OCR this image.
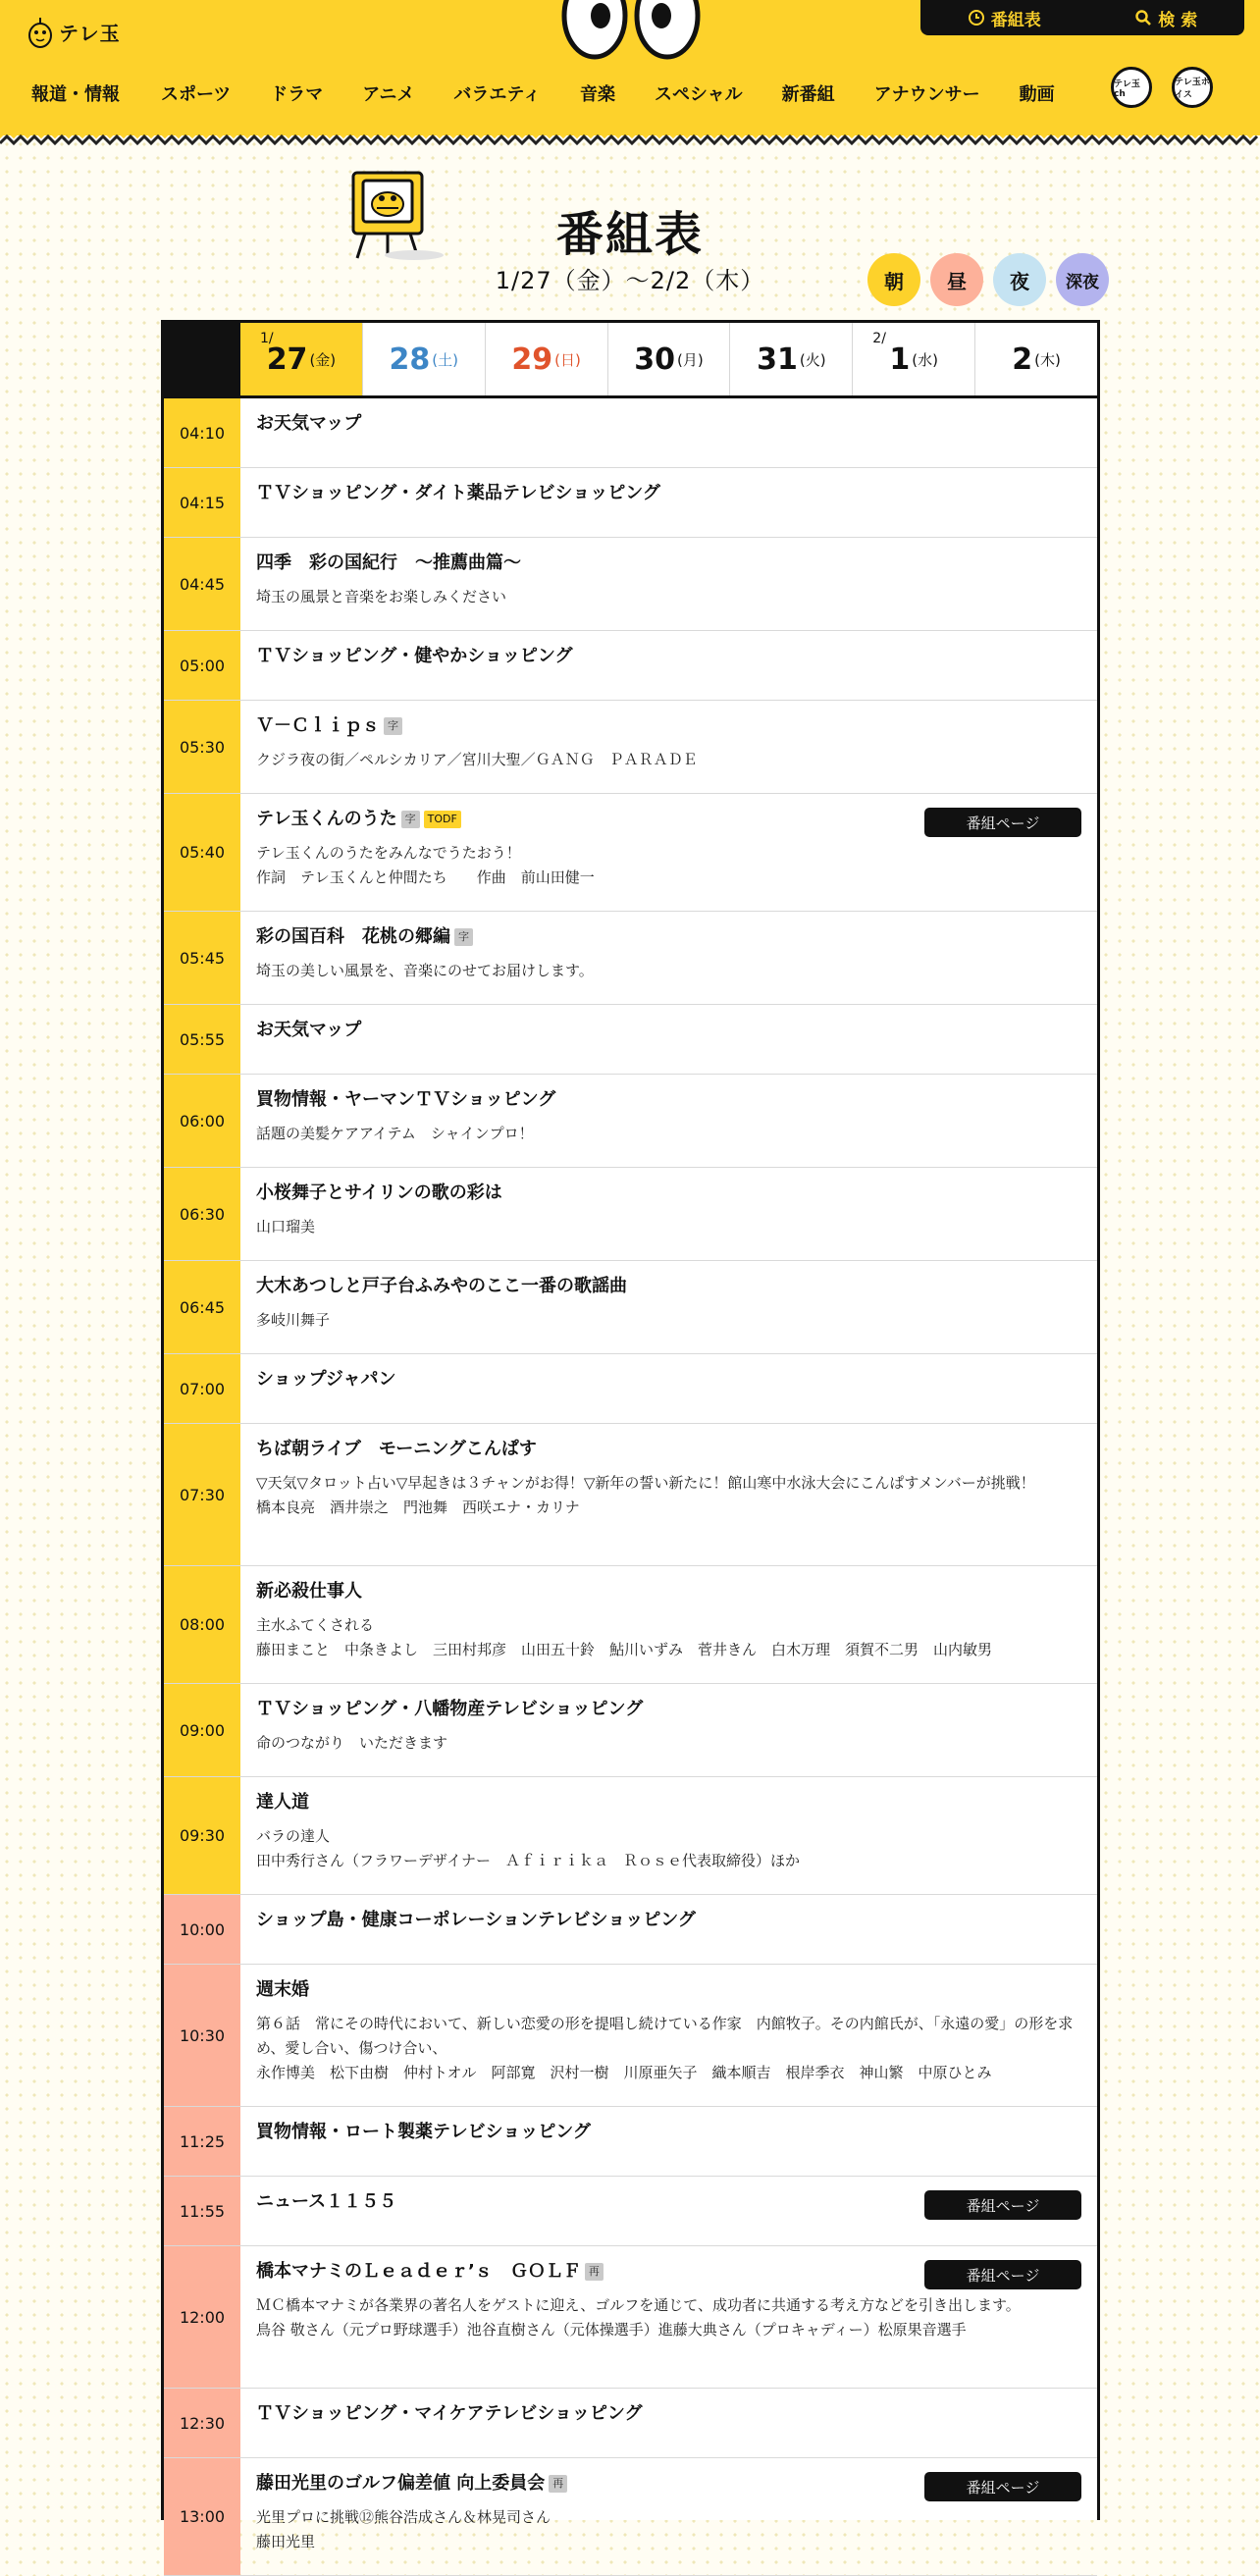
テレ玉
番組表	検 索
報道・情報 スポーツ ドラマ アニメ バラエティ 音楽 スペシャル 新番組 アナウンサー 動画
テレ玉ch
テレ玉ボイス
番組表
1/27（金）〜2/2（木）	朝 昼 夜 深夜
1/
27 (金) 28 (土) 29 (日) 30 (月) 31 (火)
2/
1 (水)	2 (木)
04:10	お天気マップ
04:15	ＴＶショッピング・ダイト薬品テレビショッピング
04:45
四季　彩の国紀行　～推薦曲篇～
埼玉の風景と音楽をお楽しみください
05:00	ＴＶショッピング・健やかショッピング
05:30
Ｖ－Ｃｌｉｐｓ 字
クジラ夜の街／ペルシカリア／宮川大聖／ＧＡＮＧ　ＰＡＲＡＤＥ
05:40
テレ玉くんのうた 字	TODF
テレ玉くんのうたをみんなでうたおう！
作詞　テレ玉くんと仲間たち　　作曲　前山田健一
番組ページ
05:45
彩の国百科　花桃の郷編 字
埼玉の美しい風景を、音楽にのせてお届けします。
05:55	お天気マップ
06:00
買物情報・ヤーマンＴＶショッピング
話題の美髪ケアアイテム　シャインプロ！
06:30
小桜舞子とサイリンの歌の彩は
山口瑠美
06:45
大木あつしと戸子台ふみやのここ一番の歌謡曲
多岐川舞子
07:00	ショップジャパン
07:30
ちば朝ライブ　モーニングこんぱす
▽天気▽タロット占い▽早起きは３チャンがお得！▽新年の誓い新たに！館山寒中水泳大会にこんぱすメンバーが挑戦！
橋本良亮　酒井崇之　門池舞　西咲エナ・カリナ
08:00
新必殺仕事人
主水ふてくされる
藤田まこと　中条きよし　三田村邦彦　山田五十鈴　鮎川いずみ　菅井きん　白木万理　須賀不二男　山内敏男
09:00
ＴＶショッピング・八幡物産テレビショッピング
命のつながり　いただきます
09:30
達人道
バラの達人
田中秀行さん（フラワーデザイナー　Ａｆｉｒｉｋａ　Ｒｏｓｅ代表取締役）ほか
10:00	ショップ島・健康コーポレーションテレビショッピング
10:30
週末婚
第６話　常にその時代において、新しい恋愛の形を提唱し続けている作家　内館牧子。その内館氏が、「永遠の愛」の形を求め、愛し合い、傷つけ合い、
永作博美　松下由樹　仲村トオル　阿部寛　沢村一樹　川原亜矢子　織本順吉　根岸季衣　神山繁　中原ひとみ
11:25	買物情報・ロート製薬テレビショッピング
11:55	ニュース１１５５	番組ページ
12:00
橋本マナミのＬｅａｄｅｒ’ｓ　ＧＯＬＦ 再
ＭＣ橋本マナミが各業界の著名人をゲストに迎え、ゴルフを通じて、成功者に共通する考え方などを引き出します。
鳥谷 敬さん（元プロ野球選手）池谷直樹さん（元体操選手）進藤大典さん（プロキャディー）松原果音選手
番組ページ
12:30	ＴＶショッピング・マイケアテレビショッピング
13:00
藤田光里のゴルフ偏差値 向上委員会 再
光里プロに挑戦⑫熊谷浩成さん＆林晃司さん
藤田光里
番組ページ
